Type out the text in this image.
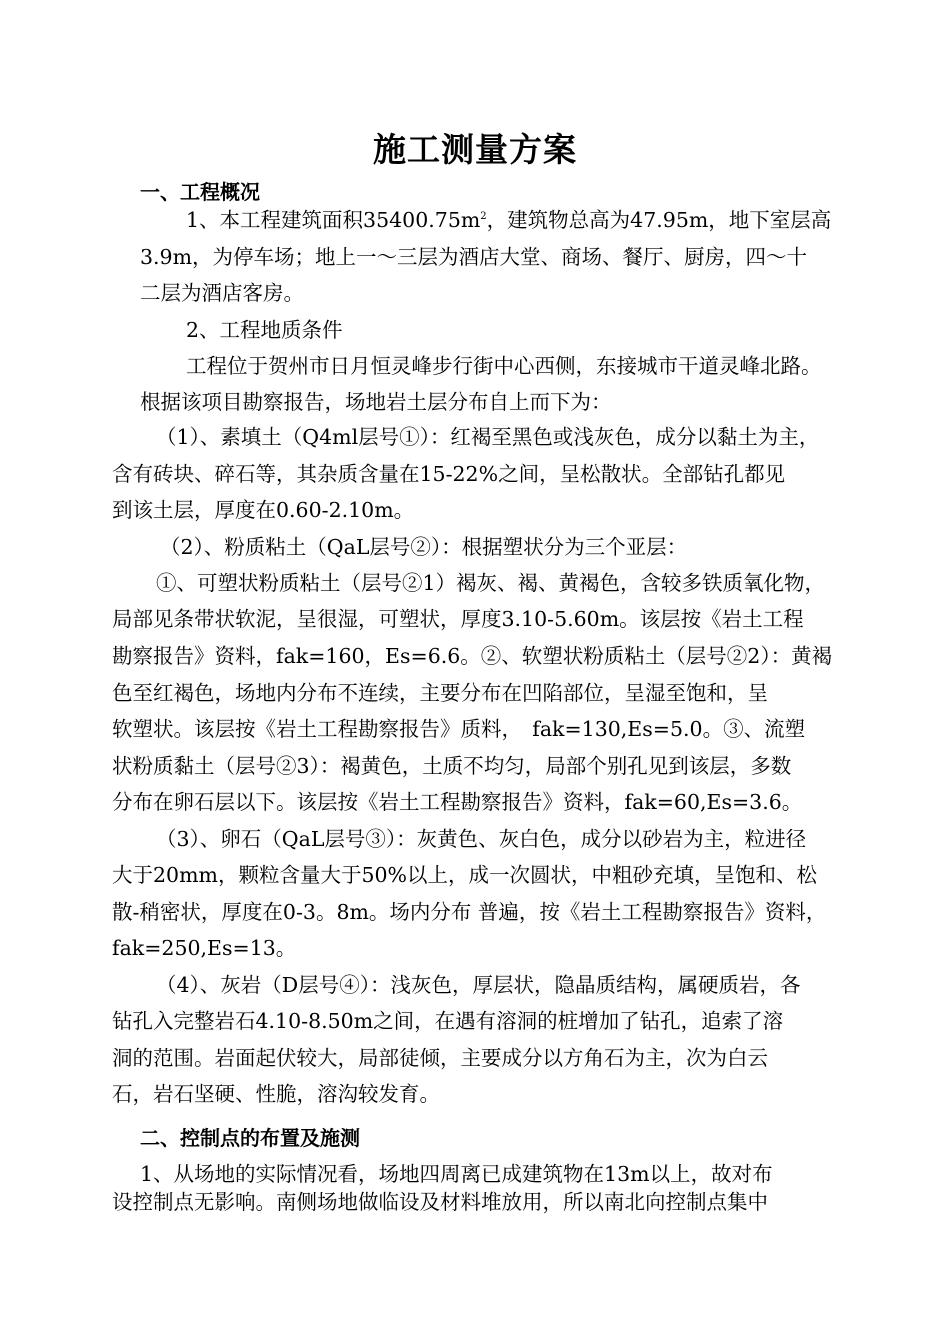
施工测量方案
一、工程概况
1、本工程建筑面积$35400.75m^2$，建筑物总高为47.95m，地下室层高
3.9m，为停车场；地上一～三层为酒店大堂、商场、餐厅、厨房，四～十
二层为酒店客房。
2、工程地质条件
工程位于贺州市日月恒灵峰步行街中心西侧，东接城市干道灵峰北路。
根据该项目勘察报告，场地岩土层分布自上而下为：
（1）、素填土（Q4ml层号①）：红褐至黑色或浅灰色，成分以黏土为主，
含有砖块、碎石等，其杂质含量在15-22%之间，呈松散状。全部钻孔都见
到该土层，厚度在0.60-2.10m。
（2）、粉质粘土（QaL层号②）：根据塑状分为三个亚层：
①、可塑状粉质粘土（层号②1）褐灰、褐、黄褐色，含较多铁质氧化物，
局部见条带状软泥，呈很湿，可塑状，厚度3.10-5.60m。该层按《岩土工程
勘察报告》资料，fak=160，Es=6.6。②、软塑状粉质粘土（层号②2）：黄褐
色至红褐色，场地内分布不连续，主要分布在凹陷部位，呈湿至饱和，呈
软塑状。该层按《岩土工程勘察报告》质料，　fak=130,Es=5.0。③、流塑
状粉质黏土（层号②3）：褐黄色，土质不均匀，局部个别孔见到该层，多数
分布在卵石层以下。该层按《岩土工程勘察报告》资料，fak=60,Es=3.6。
（3）、卵石（QaL层号③）：灰黄色、灰白色，成分以砂岩为主，粒进径
大于20mm，颗粒含量大于50%以上，成一次圆状，中粗砂充填，呈饱和、松
散-稍密状，厚度在0-3。8m。场内分布 普遍，按《岩土工程勘察报告》资料，
fak=250,Es=13。
（4）、灰岩（D层号④）：浅灰色，厚层状，隐晶质结构，属硬质岩，各
钻孔入完整岩石4.10-8.50m之间，在遇有溶洞的桩增加了钻孔，追索了溶
洞的范围。岩面起伏较大，局部徒倾，主要成分以方角石为主，次为白云
石，岩石坚硬、性脆，溶沟较发育。
二、控制点的布置及施测
1、从场地的实际情况看，场地四周离已成建筑物在13m以上，故对布
设控制点无影响。南侧场地做临设及材料堆放用，所以南北向控制点集中
